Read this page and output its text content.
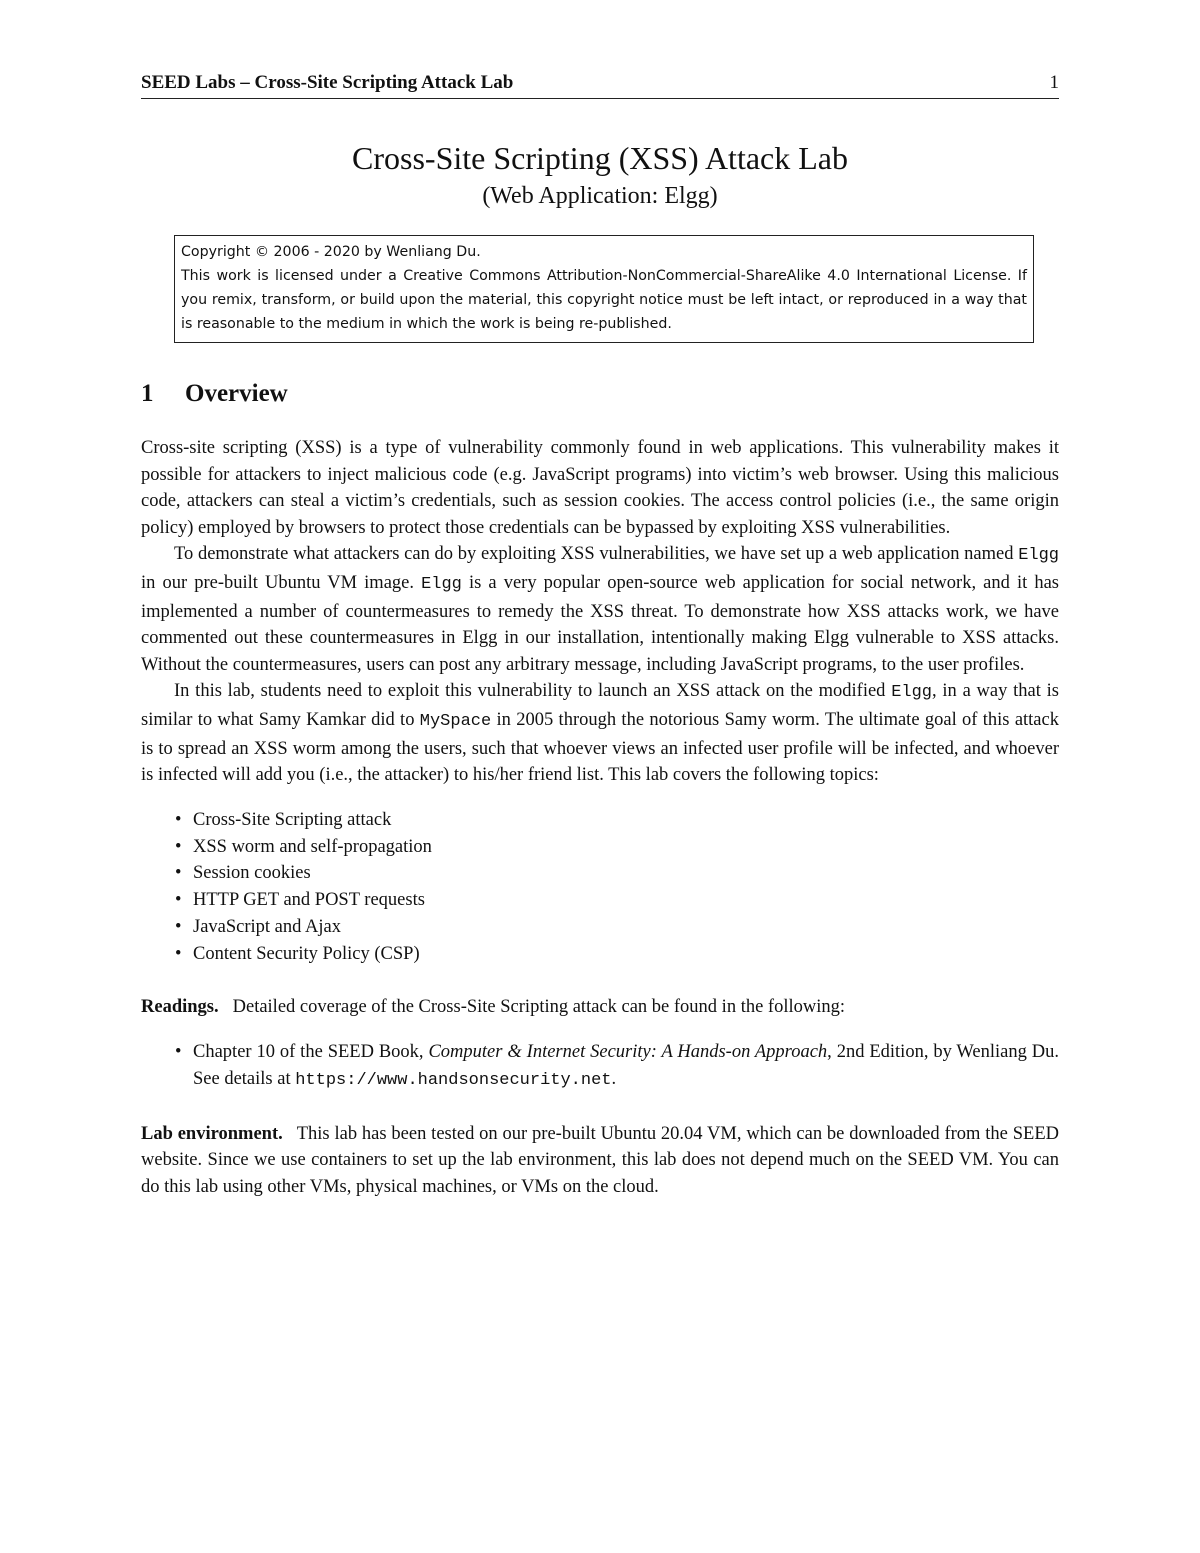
SEED Labs – Cross-Site Scripting Attack Lab	1
Cross-Site Scripting (XSS) Attack Lab
(Web Application: Elgg)

Copyright © 2006 - 2020 by Wenliang Du.

This work is licensed under a Creative Commons Attribution-NonCommercial-ShareAlike 4.0 International License. If you remix, transform, or build upon the material, this copyright notice must be left intact, or reproduced in a way that is reasonable to the medium in which the work is being re-published.

1 Overview

Cross-site scripting (XSS) is a type of vulnerability commonly found in web applications. This vulnerability makes it possible for attackers to inject malicious code (e.g. JavaScript programs) into victim’s web browser. Using this malicious code, attackers can steal a victim’s credentials, such as session cookies. The access control policies (i.e., the same origin policy) employed by browsers to protect those credentials can be bypassed by exploiting XSS vulnerabilities.

To demonstrate what attackers can do by exploiting XSS vulnerabilities, we have set up a web application named Elgg in our pre-built Ubuntu VM image. Elgg is a very popular open-source web application for social network, and it has implemented a number of countermeasures to remedy the XSS threat. To demonstrate how XSS attacks work, we have commented out these countermeasures in Elgg in our installation, intentionally making Elgg vulnerable to XSS attacks. Without the countermeasures, users can post any arbitrary message, including JavaScript programs, to the user profiles.

In this lab, students need to exploit this vulnerability to launch an XSS attack on the modified Elgg, in a way that is similar to what Samy Kamkar did to MySpace in 2005 through the notorious Samy worm. The ultimate goal of this attack is to spread an XSS worm among the users, such that whoever views an infected user profile will be infected, and whoever is infected will add you (i.e., the attacker) to his/her friend list. This lab covers the following topics:

• Cross-Site Scripting attack
• XSS worm and self-propagation
• Session cookies
• HTTP GET and POST requests
• JavaScript and Ajax
• Content Security Policy (CSP)
Readings. Detailed coverage of the Cross-Site Scripting attack can be found in the following:
• Chapter 10 of the SEED Book, Computer & Internet Security: A Hands-on Approach, 2nd Edition, by Wenliang Du. See details at https://www.handsonsecurity.net.
Lab environment. This lab has been tested on our pre-built Ubuntu 20.04 VM, which can be downloaded from the SEED website. Since we use containers to set up the lab environment, this lab does not depend much on the SEED VM. You can do this lab using other VMs, physical machines, or VMs on the cloud.
